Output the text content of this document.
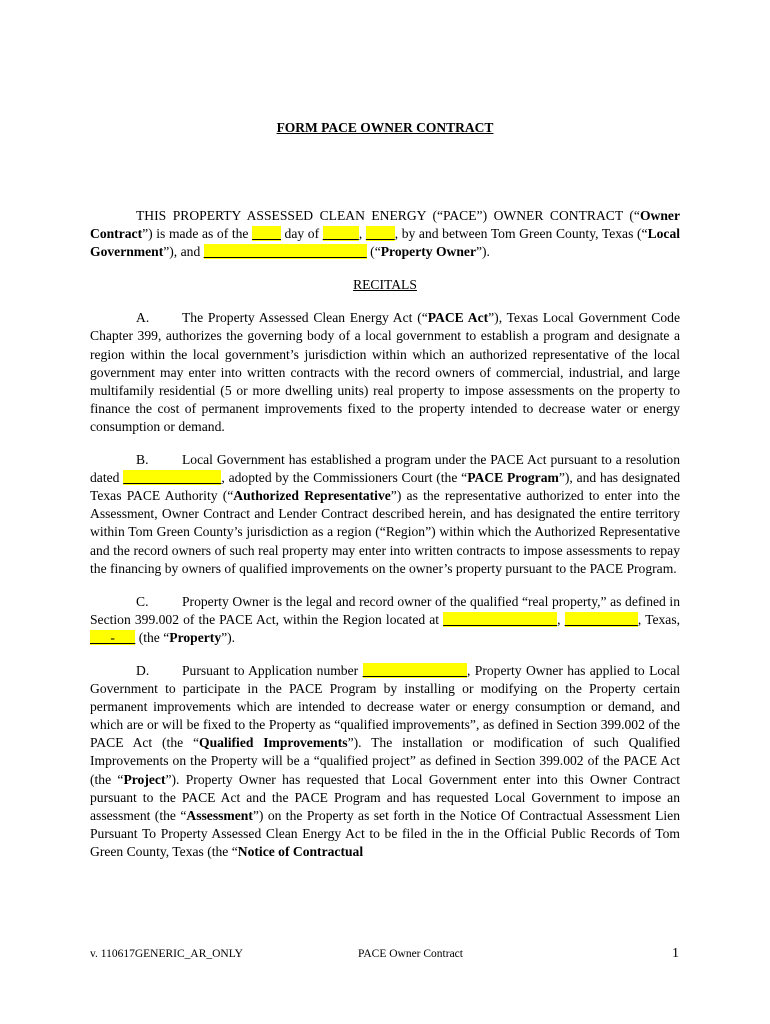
FORM PACE OWNER CONTRACT

THIS PROPERTY ASSESSED CLEAN ENERGY (“PACE”) OWNER CONTRACT (“Owner Contract”) is made as of the          day of	,         , by and between Tom Green County, Texas (“Local Government”), and	(“Property Owner”).

RECITALS

A. The Property Assessed Clean Energy Act (“PACE Act”), Texas Local Government Code Chapter 399, authorizes the governing body of a local government to establish a program and designate a region within the local government’s jurisdiction within which an authorized representative of the local government may enter into written contracts with the record owners of commercial, industrial, and large multifamily residential (5 or more dwelling units) real property to impose assessments on the property to finance the cost of permanent improvements fixed to the property intended to decrease water or energy consumption or demand.

B. Local Government has established a program under the PACE Act pursuant to a resolution dated	, adopted by the Commissioners Court (the “PACE Program”), and has designated Texas PACE Authority (“Authorized Representative”) as the representative authorized to enter into the Assessment, Owner Contract and Lender Contract described herein, and has designated the entire territory within Tom Green County’s jurisdiction as a region (“Region”) within which the Authorized Representative and the record owners of such real property may enter into written contracts to impose assessments to repay the financing by owners of qualified improvements on the owner’s property pursuant to the PACE Program.

C. Property Owner is the legal and record owner of the qualified “real property,” as defined in Section 399.002 of the PACE Act, within the Region located at	,	, Texas,       -       (the “Property”).

D. Pursuant to Application number	, Property Owner has applied to Local Government to participate in the PACE Program by installing or modifying on the Property certain permanent improvements which are intended to decrease water or energy consumption or demand, and which are or will be fixed to the Property as “qualified improvements”, as defined in Section 399.002 of the PACE Act (the “Qualified Improvements”). The installation or modification of such Qualified Improvements on the Property will be a “qualified project” as defined in Section 399.002 of the PACE Act (the “Project”). Property Owner has requested that Local Government enter into this Owner Contract pursuant to the PACE Act and the PACE Program and has requested Local Government to impose an assessment (the “Assessment”) on the Property as set forth in the Notice Of Contractual Assessment Lien Pursuant To Property Assessed Clean Energy Act to be filed in the in the Official Public Records of Tom Green County, Texas (the “Notice of Contractual

v. 110617GENERIC_AR_ONLY	PACE Owner Contract	1
